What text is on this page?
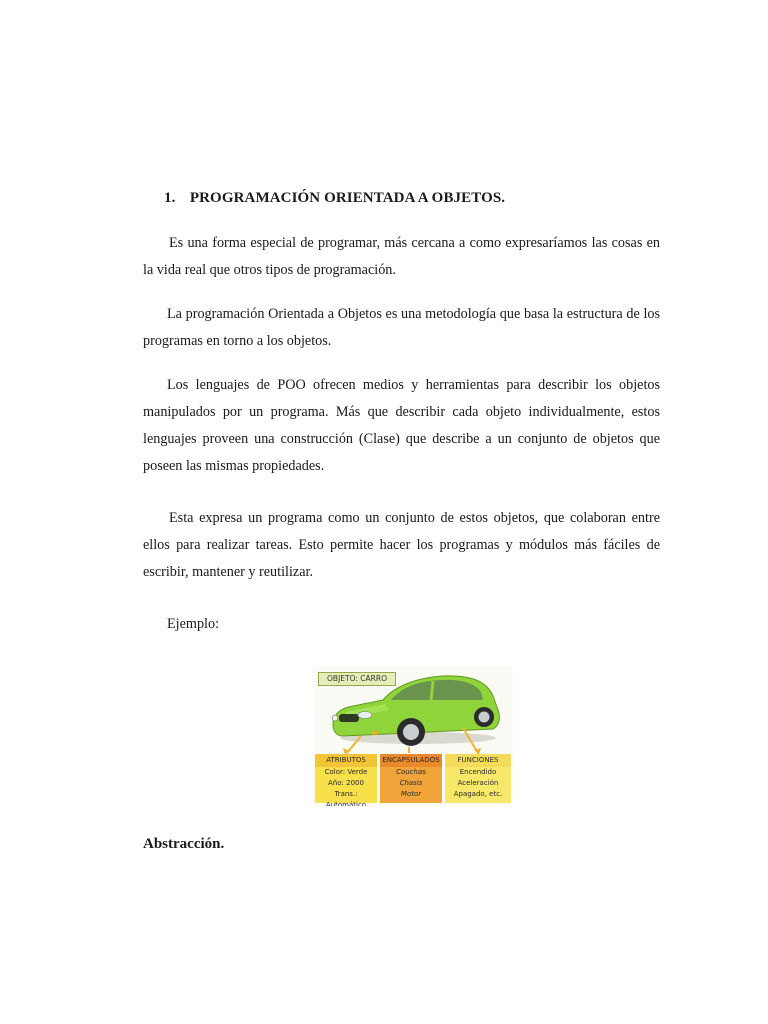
1. PROGRAMACIÓN ORIENTADA A OBJETOS.

Es una forma especial de programar, más cercana a como expresaríamos las cosas en la vida real que otros tipos de programación.

La programación Orientada a Objetos es una metodología que basa la estructura de los programas en torno a los objetos.

Los lenguajes de POO ofrecen medios y herramientas para describir los objetos manipulados por un programa. Más que describir cada objeto individualmente, estos lenguajes proveen una construcción (Clase) que describe a un conjunto de objetos que poseen las mismas propiedades.

Esta expresa un programa como un conjunto de estos objetos, que colaboran entre ellos para realizar tareas. Esto permite hacer los programas y módulos más fáciles de escribir, mantener y reutilizar.

Ejemplo:

OBJETO: CARRO
ATRIBUTOS
Color: Verde
Año: 2000
Trans.: Automático
ENCAPSULADOS
Couchas
Chasis
Motor
FUNCIONES
Encendido
Aceleración
Apagado, etc.
Abstracción.
